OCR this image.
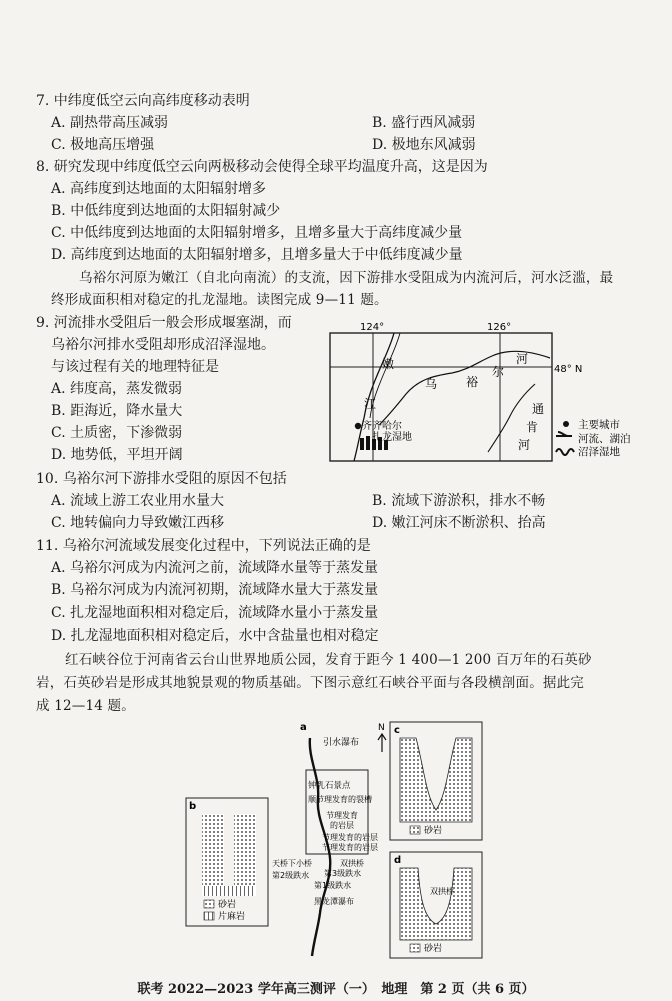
7. 中纬度低空云向高纬度移动表明
A. 副热带高压减弱	B. 盛行西风减弱
C. 极地高压增强	D. 极地东风减弱
8. 研究发现中纬度低空云向两极移动会使得全球平均温度升高，这是因为
A. 高纬度到达地面的太阳辐射增多
B. 中低纬度到达地面的太阳辐射减少
C. 中低纬度到达地面的太阳辐射增多，且增多量大于高纬度减少量
D. 高纬度到达地面的太阳辐射增多，且增多量大于中低纬度减少量
乌裕尔河原为嫩江（自北向南流）的支流，因下游排水受阻成为内流河后，河水泛滥，最
终形成面积相对稳定的扎龙湿地。读图完成 9—11 题。
9. 河流排水受阻后一般会形成堰塞湖，而
乌裕尔河排水受阻却形成沼泽湿地。
与该过程有关的地理特征是
A. 纬度高，蒸发微弱
B. 距海近，降水量大
C. 土质密，下渗微弱
D. 地势低，平坦开阔
124°	126°
48° N
嫩
江
乌 裕
尔
河
通
肯
河
齐齐哈尔
扎龙湿地
主要城市
河流、湖泊
沼泽湿地
10. 乌裕尔河下游排水受阻的原因不包括
A. 流域上游工农业用水量大	B. 流域下游淤积，排水不畅
C. 地转偏向力导致嫩江西移	D. 嫩江河床不断淤积、抬高
11. 乌裕尔河流域发展变化过程中，下列说法正确的是
A. 乌裕尔河成为内流河之前，流域降水量等于蒸发量
B. 乌裕尔河成为内流河初期，流域降水量大于蒸发量
C. 扎龙湿地面积相对稳定后，流域降水量小于蒸发量
D. 扎龙湿地面积相对稳定后，水中含盐量也相对稳定
红石峡谷位于河南省云台山世界地质公园，发育于距今 1 400—1 200 百万年的石英砂
岩，石英砂岩是形成其地貌景观的物质基础。下图示意红石峡谷平面与各段横剖面。据此完
成 12—14 题。
a	N
引水瀑布
钟乳石景点
顺节理发育的裂槽
节理发育
的岩层
节理发育的岩层
节理发育的岩层
天桥下小桥	双拱桥
第3级跌水
第2级跌水
第1级跌水
黑龙潭瀑布
b
砂岩
片麻岩
c
砂岩
d
双拱桥
砂岩
联考 2022—2023 学年高三测评（一）　地理　第 2 页（共 6 页）
